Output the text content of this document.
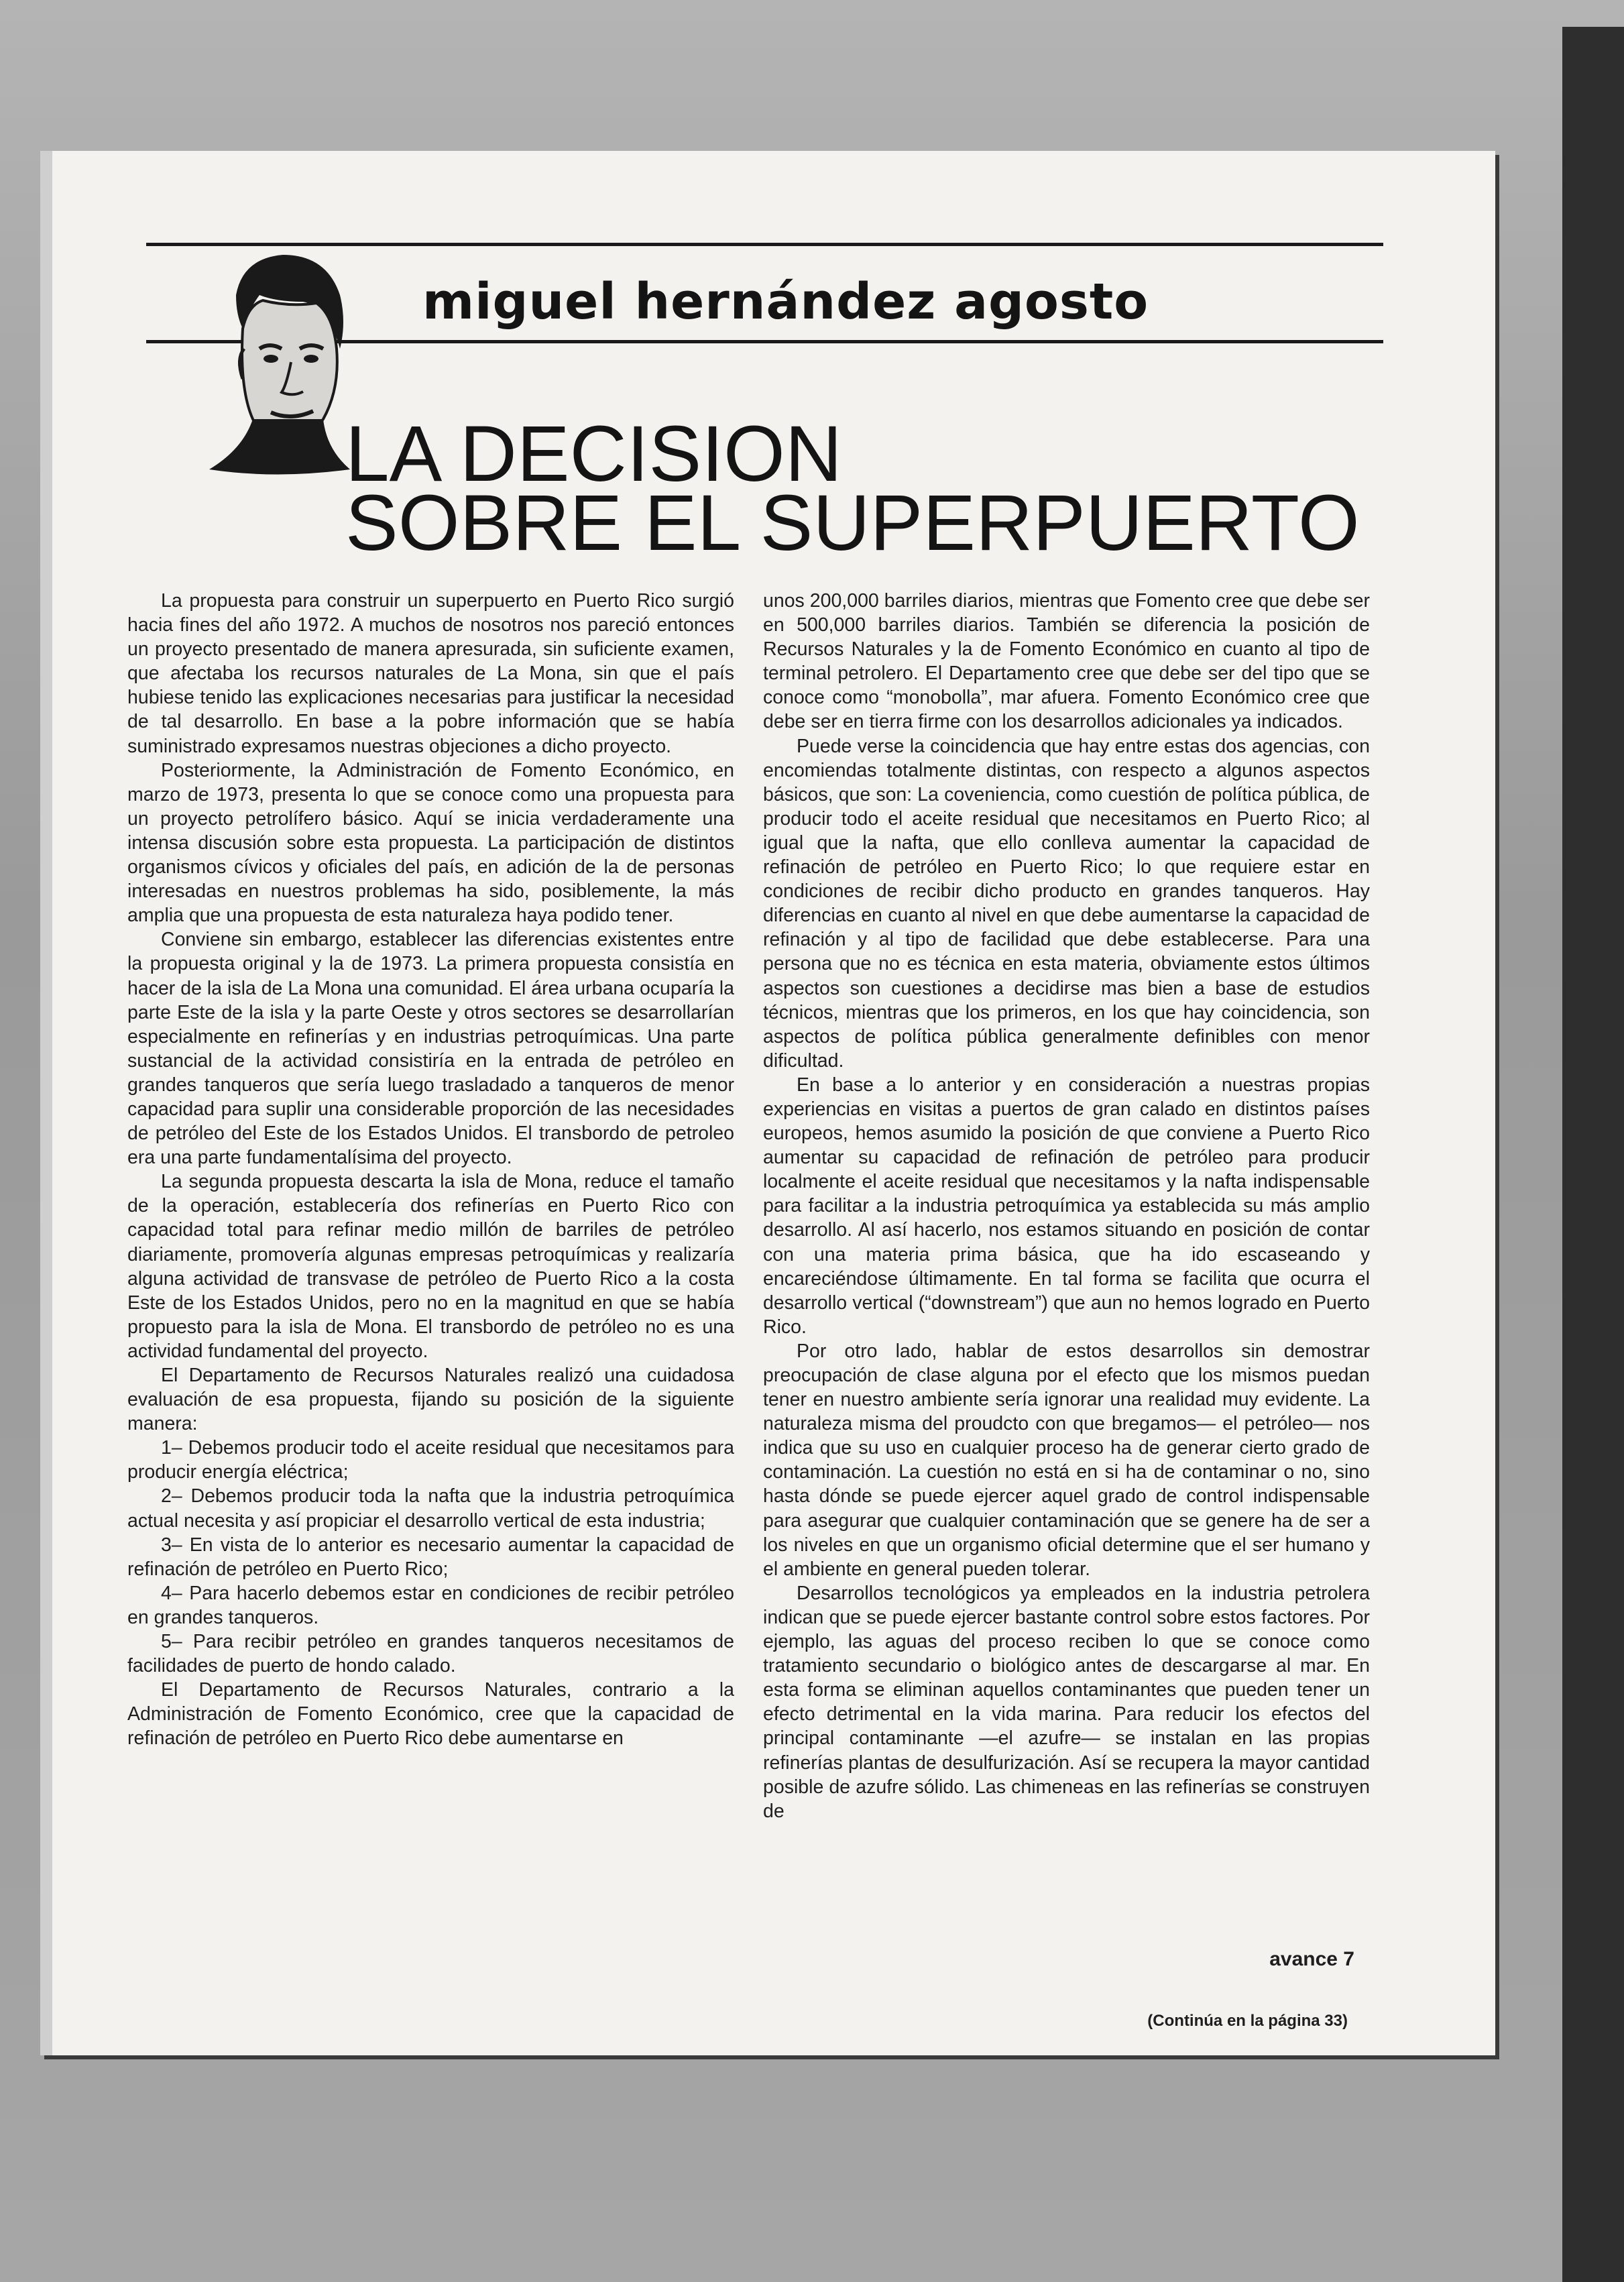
miguel hernández agosto
LA DECISION
SOBRE EL SUPERPUERTO

La propuesta para construir un superpuerto en Puerto Rico surgió hacia fines del año 1972. A muchos de nosotros nos pareció entonces un proyecto presentado de manera apresurada, sin suficiente examen, que afectaba los recursos naturales de La Mona, sin que el país hubiese tenido las explicaciones necesarias para justificar la necesidad de tal desarrollo. En base a la pobre información que se había suministrado expresamos nuestras objeciones a dicho proyecto.

Posteriormente, la Administración de Fomento Económico, en marzo de 1973, presenta lo que se conoce como una propuesta para un proyecto petrolífero básico. Aquí se inicia verdaderamente una intensa discusión sobre esta propuesta. La participación de distintos organismos cívicos y oficiales del país, en adición de la de personas interesadas en nuestros problemas ha sido, posiblemente, la más amplia que una propuesta de esta naturaleza haya podido tener.

Conviene sin embargo, establecer las diferencias existentes entre la propuesta original y la de 1973. La primera propuesta consistía en hacer de la isla de La Mona una comunidad. El área urbana ocuparía la parte Este de la isla y la parte Oeste y otros sectores se desarrollarían especialmente en refinerías y en industrias petroquímicas. Una parte sustancial de la actividad consistiría en la entrada de petróleo en grandes tanqueros que sería luego trasladado a tanqueros de menor capacidad para suplir una considerable proporción de las necesidades de petróleo del Este de los Estados Unidos. El transbordo de petroleo era una parte fundamentalísima del proyecto.

La segunda propuesta descarta la isla de Mona, reduce el tamaño de la operación, establecería dos refinerías en Puerto Rico con capacidad total para refinar medio millón de barriles de petróleo diariamente, promovería algunas empresas petroquímicas y realizaría alguna actividad de transvase de petróleo de Puerto Rico a la costa Este de los Estados Unidos, pero no en la magnitud en que se había propuesto para la isla de Mona. El transbordo de petróleo no es una actividad fundamental del proyecto.

El Departamento de Recursos Naturales realizó una cuidadosa evaluación de esa propuesta, fijando su posición de la siguiente manera:

1– Debemos producir todo el aceite residual que necesitamos para producir energía eléctrica;

2– Debemos producir toda la nafta que la industria petroquímica actual necesita y así propiciar el desarrollo vertical de esta industria;

3– En vista de lo anterior es necesario aumentar la capacidad de refinación de petróleo en Puerto Rico;

4– Para hacerlo debemos estar en condiciones de recibir petróleo en grandes tanqueros.

5– Para recibir petróleo en grandes tanqueros necesitamos de facilidades de puerto de hondo calado.

El Departamento de Recursos Naturales, contrario a la Administración de Fomento Económico, cree que la capacidad de refinación de petróleo en Puerto Rico debe aumentarse en

unos 200,000 barriles diarios, mientras que Fomento cree que debe ser en 500,000 barriles diarios. También se diferencia la posición de Recursos Naturales y la de Fomento Económico en cuanto al tipo de terminal petrolero. El Departamento cree que debe ser del tipo que se conoce como “monobolla”, mar afuera. Fomento Económico cree que debe ser en tierra firme con los desarrollos adicionales ya indicados.

Puede verse la coincidencia que hay entre estas dos agencias, con encomiendas totalmente distintas, con respecto a algunos aspectos básicos, que son: La coveniencia, como cuestión de política pública, de producir todo el aceite residual que necesitamos en Puerto Rico; al igual que la nafta, que ello conlleva aumentar la capacidad de refinación de petróleo en Puerto Rico; lo que requiere estar en condiciones de recibir dicho producto en grandes tanqueros. Hay diferencias en cuanto al nivel en que debe aumentarse la capacidad de refinación y al tipo de facilidad que debe establecerse. Para una persona que no es técnica en esta materia, obviamente estos últimos aspectos son cuestiones a decidirse mas bien a base de estudios técnicos, mientras que los primeros, en los que hay coincidencia, son aspectos de política pública generalmente definibles con menor dificultad.

En base a lo anterior y en consideración a nuestras propias experiencias en visitas a puertos de gran calado en distintos países europeos, hemos asumido la posición de que conviene a Puerto Rico aumentar su capacidad de refinación de petróleo para producir localmente el aceite residual que necesitamos y la nafta indispensable para facilitar a la industria petroquímica ya establecida su más amplio desarrollo. Al así hacerlo, nos estamos situando en posición de contar con una materia prima básica, que ha ido escaseando y encareciéndose últimamente. En tal forma se facilita que ocurra el desarrollo vertical (“downstream”) que aun no hemos logrado en Puerto Rico.

Por otro lado, hablar de estos desarrollos sin demostrar preocupación de clase alguna por el efecto que los mismos puedan tener en nuestro ambiente sería ignorar una realidad muy evidente. La naturaleza misma del proudcto con que bregamos— el petróleo— nos indica que su uso en cualquier proceso ha de generar cierto grado de contaminación. La cuestión no está en si ha de contaminar o no, sino hasta dónde se puede ejercer aquel grado de control indispensable para asegurar que cualquier contaminación que se genere ha de ser a los niveles en que un organismo oficial determine que el ser humano y el ambiente en general pueden tolerar.

Desarrollos tecnológicos ya empleados en la industria petrolera indican que se puede ejercer bastante control sobre estos factores. Por ejemplo, las aguas del proceso reciben lo que se conoce como tratamiento secundario o biológico antes de descargarse al mar. En esta forma se eliminan aquellos contaminantes que pueden tener un efecto detrimental en la vida marina. Para reducir los efectos del principal contaminante —el azufre— se instalan en las propias refinerías plantas de desulfurización. Así se recupera la mayor cantidad posible de azufre sólido. Las chimeneas en las refinerías se construyen de

(Continúa en la página 33)
avance 7
